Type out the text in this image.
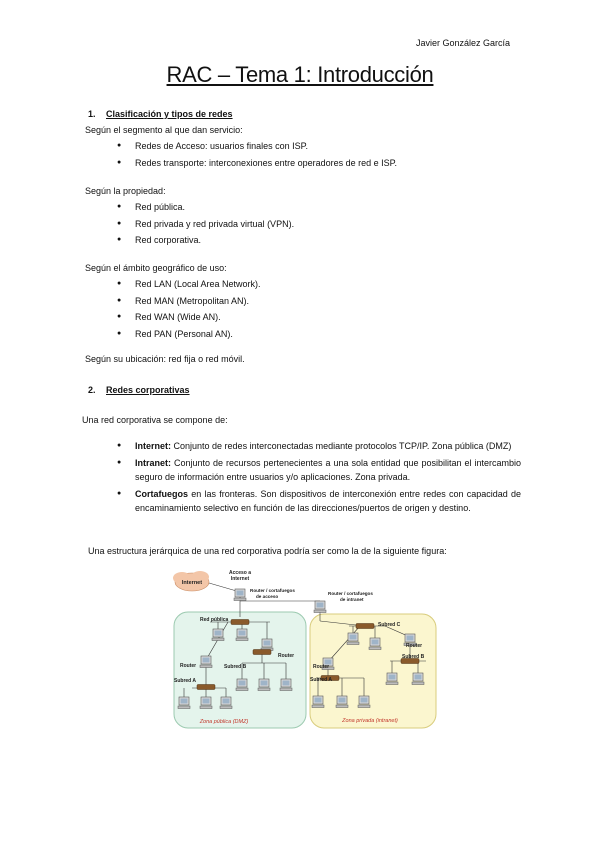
Javier González García
RAC – Tema 1: Introducción
1. Clasificación y tipos de redes
Según el segmento al que dan servicio:
● Redes de Acceso: usuarios finales con ISP.
● Redes transporte: interconexiones entre operadores de red e ISP.
Según la propiedad:
● Red pública.
● Red privada y red privada virtual (VPN).
● Red corporativa.
Según el ámbito geográfico de uso:
● Red LAN (Local Area Network).
● Red MAN (Metropolitan AN).
● Red WAN (Wide AN).
● Red PAN (Personal AN).
Según su ubicación: red fija o red móvil.
2. Redes corporativas
Una red corporativa se compone de:
● Internet: Conjunto de redes interconectadas mediante protocolos TCP/IP. Zona pública (DMZ)
● Intranet: Conjunto de recursos pertenecientes a una sola entidad que posibilitan el intercambio seguro de información entre usuarios y/o aplicaciones. Zona privada.
● Cortafuegos en las fronteras. Son dispositivos de interconexión entre redes con capacidad de encaminamiento selectivo en función de las direcciones/puertos de origen y destino.
Una estructura jerárquica de una red corporativa podría ser como la de la siguiente figura:
Internet
Acceso a
Internet
Router / cortafuegos
de acceso
Router / cortafuegos
de intranet
Red pública
Router
Router	Subred B
Subred A
Zona pública (DMZ)
Subred C
Router
Subred B
Router
Subred A
Zona privada (intranet)
